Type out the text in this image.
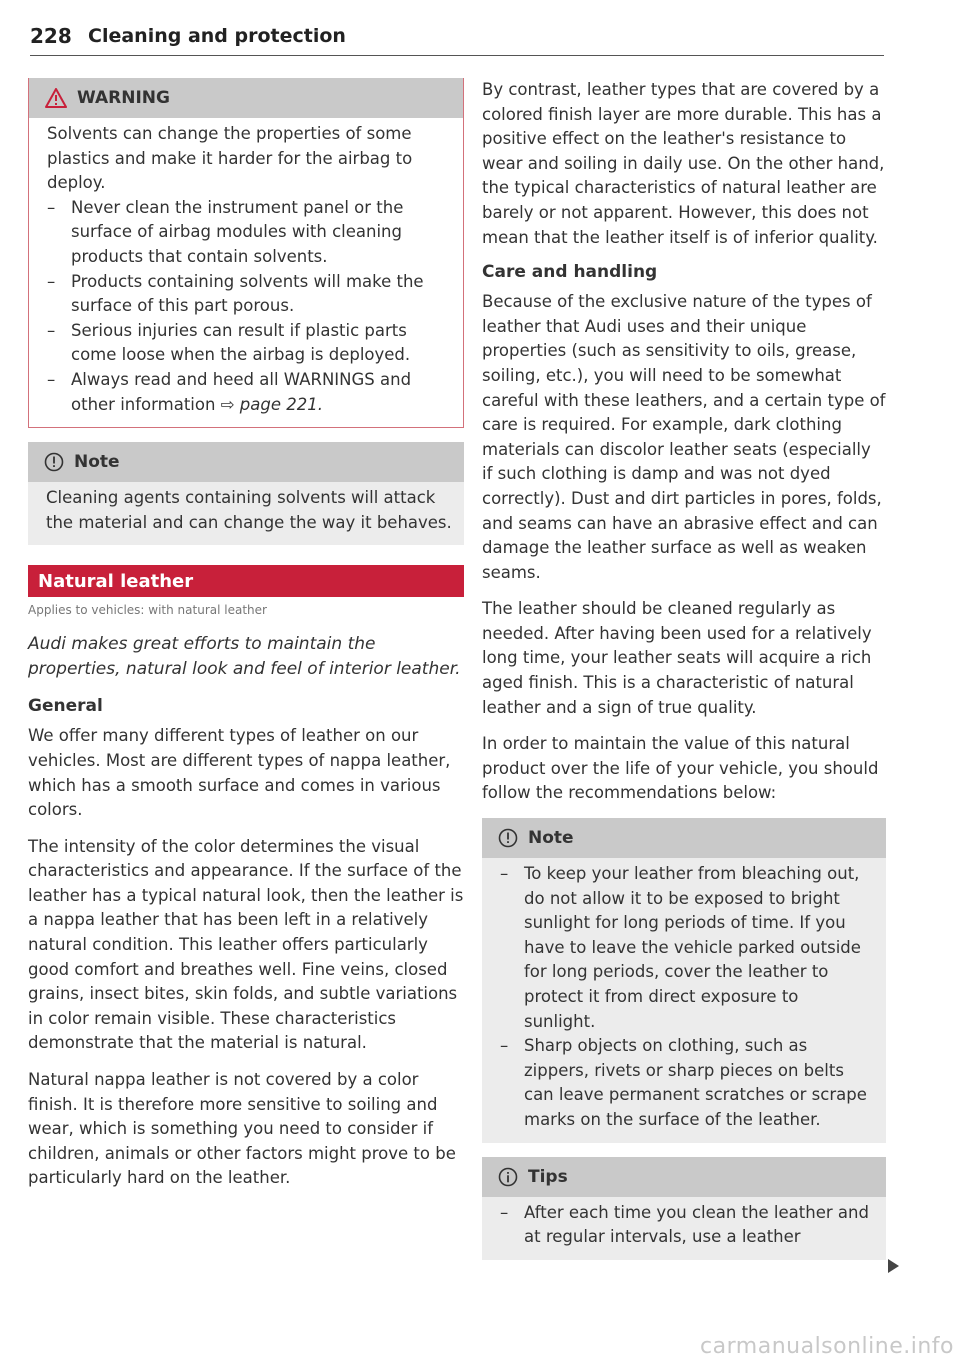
228 Cleaning and protection
WARNING

Solvents can change the properties of some plastics and make it harder for the airbag to deploy.

– Never clean the instrument panel or the surface of airbag modules with cleaning products that contain solvents.
– Products containing solvents will make the surface of this part porous.
– Serious injuries can result if plastic parts come loose when the airbag is deployed.
– Always read and heed all WARNINGS and other information ⇨ page 221.
Note

Cleaning agents containing solvents will attack the material and can change the way it behaves.

Natural leather
Applies to vehicles: with natural leather

Audi makes great efforts to maintain the properties, natural look and feel of interior leather.

General

We offer many different types of leather on our vehicles. Most are different types of nappa leather, which has a smooth surface and comes in various colors.

The intensity of the color determines the visual characteristics and appearance. If the surface of the leather has a typical natural look, then the leather is a nappa leather that has been left in a relatively natural condition. This leather offers particularly good comfort and breathes well. Fine veins, closed grains, insect bites, skin folds, and subtle variations in color remain visible. These characteristics demonstrate that the material is natural.

Natural nappa leather is not covered by a color finish. It is therefore more sensitive to soiling and wear, which is something you need to consider if children, animals or other factors might prove to be particularly hard on the leather.

By contrast, leather types that are covered by a colored finish layer are more durable. This has a positive effect on the leather's resistance to wear and soiling in daily use. On the other hand, the typical characteristics of natural leather are barely or not apparent. However, this does not mean that the leather itself is of inferior quality.

Care and handling

Because of the exclusive nature of the types of leather that Audi uses and their unique properties (such as sensitivity to oils, grease, soiling, etc.), you will need to be somewhat careful with these leathers, and a certain type of care is required. For example, dark clothing materials can discolor leather seats (especially if such clothing is damp and was not dyed correctly). Dust and dirt particles in pores, folds, and seams can have an abrasive effect and can damage the leather surface as well as weaken seams.

The leather should be cleaned regularly as needed. After having been used for a relatively long time, your leather seats will acquire a rich aged finish. This is a characteristic of natural leather and a sign of true quality.

In order to maintain the value of this natural product over the life of your vehicle, you should follow the recommendations below:

Note
– To keep your leather from bleaching out, do not allow it to be exposed to bright sunlight for long periods of time. If you have to leave the vehicle parked outside for long periods, cover the leather to protect it from direct exposure to sunlight.
– Sharp objects on clothing, such as zippers, rivets or sharp pieces on belts can leave permanent scratches or scrape marks on the surface of the leather.
Tips
– After each time you clean the leather and at regular intervals, use a leather
carmanualsonline.info
